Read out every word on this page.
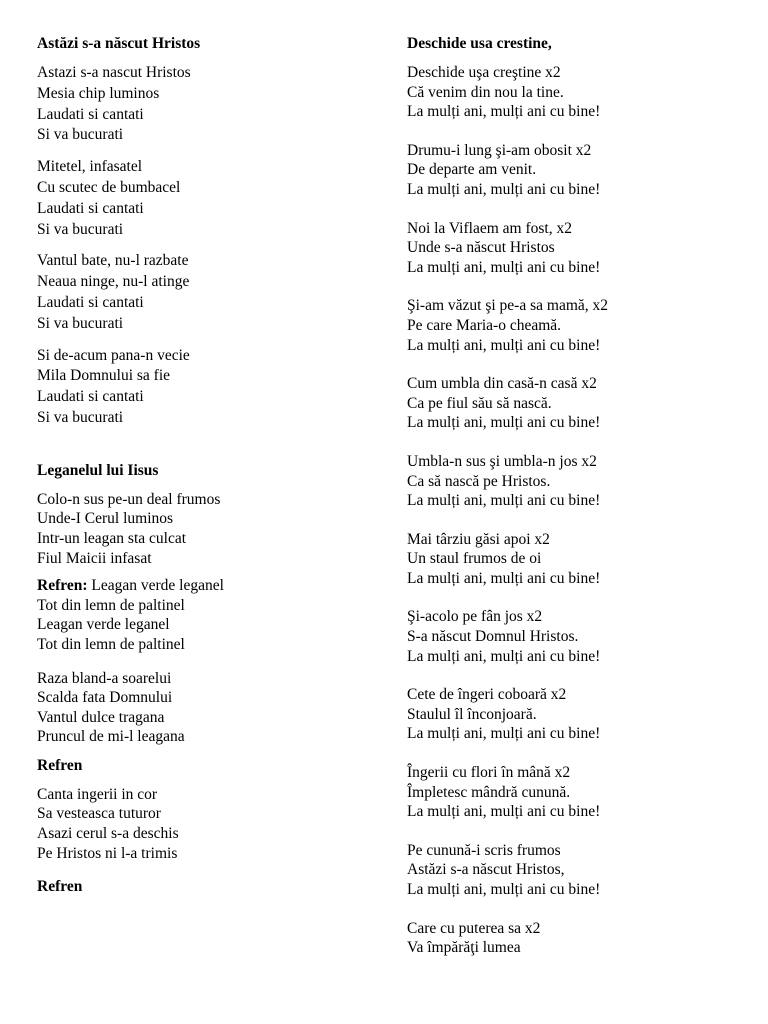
Astăzi s-a născut Hristos

Astazi s-a nascut Hristos
Mesia chip luminos
Laudati si cantati
Si va bucurati
Mitetel, infasatel
Cu scutec de bumbacel
Laudati si cantati
Si va bucurati
Vantul bate, nu-l razbate
Neaua ninge, nu-l atinge
Laudati si cantati
Si va bucurati
Si de-acum pana-n vecie
Mila Domnului sa fie
Laudati si cantati
Si va bucurati

Leganelul lui Iisus

Colo-n sus pe-un deal frumos
Unde-I Cerul luminos
Intr-un leagan sta culcat
Fiul Maicii infasat
Refren: Leagan verde leganel
Tot din lemn de paltinel
Leagan verde leganel
Tot din lemn de paltinel
Raza bland-a soarelui
Scalda fata Domnului
Vantul dulce tragana
Pruncul de mi-l leagana
Refren
Canta ingerii in cor
Sa vesteasca tuturor
Asazi cerul s-a deschis
Pe Hristos ni l-a trimis
Refren

Deschide usa crestine,

Deschide uşa creştine x2
Că venim din nou la tine.
La mulți ani, mulți ani cu bine!
Drumu-i lung şi-am obosit x2
De departe am venit.
La mulți ani, mulți ani cu bine!
Noi la Viflaem am fost, x2
Unde s-a născut Hristos
La mulți ani, mulți ani cu bine!
Şi-am văzut şi pe-a sa mamă, x2
Pe care Maria-o cheamă.
La mulți ani, mulți ani cu bine!
Cum umbla din casă-n casă x2
Ca pe fiul său să nască.
La mulți ani, mulți ani cu bine!
Umbla-n sus şi umbla-n jos x2
Ca să nască pe Hristos.
La mulți ani, mulți ani cu bine!
Mai târziu găsi apoi x2
Un staul frumos de oi
La mulți ani, mulți ani cu bine!
Şi-acolo pe fân jos x2
S-a născut Domnul Hristos.
La mulți ani, mulți ani cu bine!
Cete de îngeri coboară x2
Staulul îl înconjoară.
La mulți ani, mulți ani cu bine!
Îngerii cu flori în mână x2
Împletesc mândră cunună.
La mulți ani, mulți ani cu bine!
Pe cunună-i scris frumos
Astăzi s-a născut Hristos,
La mulți ani, mulți ani cu bine!
Care cu puterea sa x2
Va împărăţi lumea
